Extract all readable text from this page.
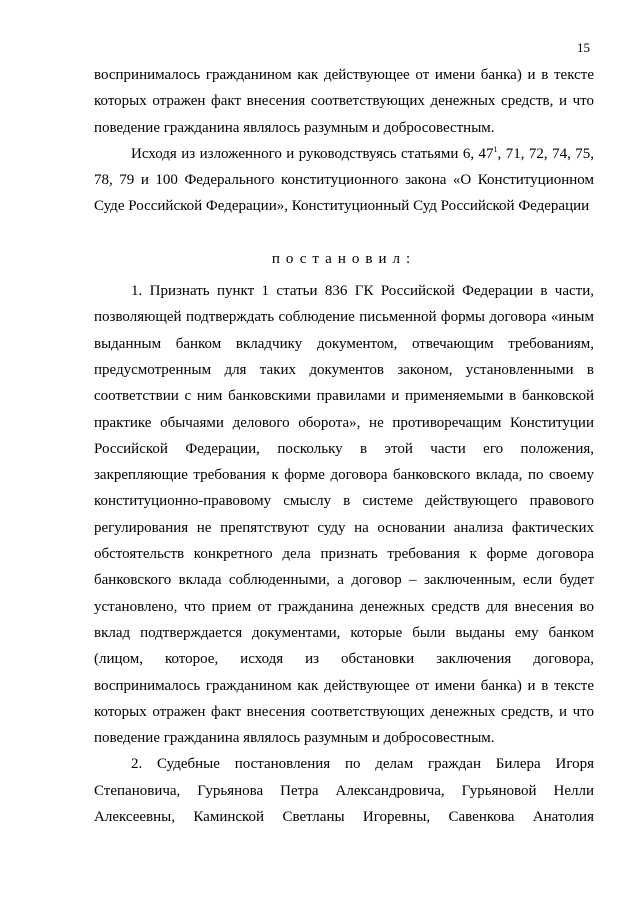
15

воспринималось гражданином как действующее от имени банка) и в тексте которых отражен факт внесения соответствующих денежных средств, и что поведение гражданина являлось разумным и добросовестным.

Исходя из изложенного и руководствуясь статьями 6, $47^1$, 71, 72, 74, 75, 78, 79 и 100 Федерального конституционного закона «О Конституционном Суде Российской Федерации», Конституционный Суд Российской Федерации

постановил:

1. Признать пункт 1 статьи 836 ГК Российской Федерации в части, позволяющей подтверждать соблюдение письменной формы договора «иным выданным банком вкладчику документом, отвечающим требованиям, предусмотренным для таких документов законом, установленными в соответствии с ним банковскими правилами и применяемыми в банковской практике обычаями делового оборота», не противоречащим Конституции Российской Федерации, поскольку в этой части его положения, закрепляющие требования к форме договора банковского вклада, по своему конституционно-правовому смыслу в системе действующего правового регулирования не препятствуют суду на основании анализа фактических обстоятельств конкретного дела признать требования к форме договора банковского вклада соблюденными, а договор – заключенным, если будет установлено, что прием от гражданина денежных средств для внесения во вклад подтверждается документами, которые были выданы ему банком (лицом, которое, исходя из обстановки заключения договора, воспринималось гражданином как действующее от имени банка) и в тексте которых отражен факт внесения соответствующих денежных средств, и что поведение гражданина являлось разумным и добросовестным.

2. Судебные постановления по делам граждан Билера Игоря Степановича, Гурьянова Петра Александровича, Гурьяновой Нелли Алексеевны, Каминской Светланы Игоревны, Савенкова Анатолия
